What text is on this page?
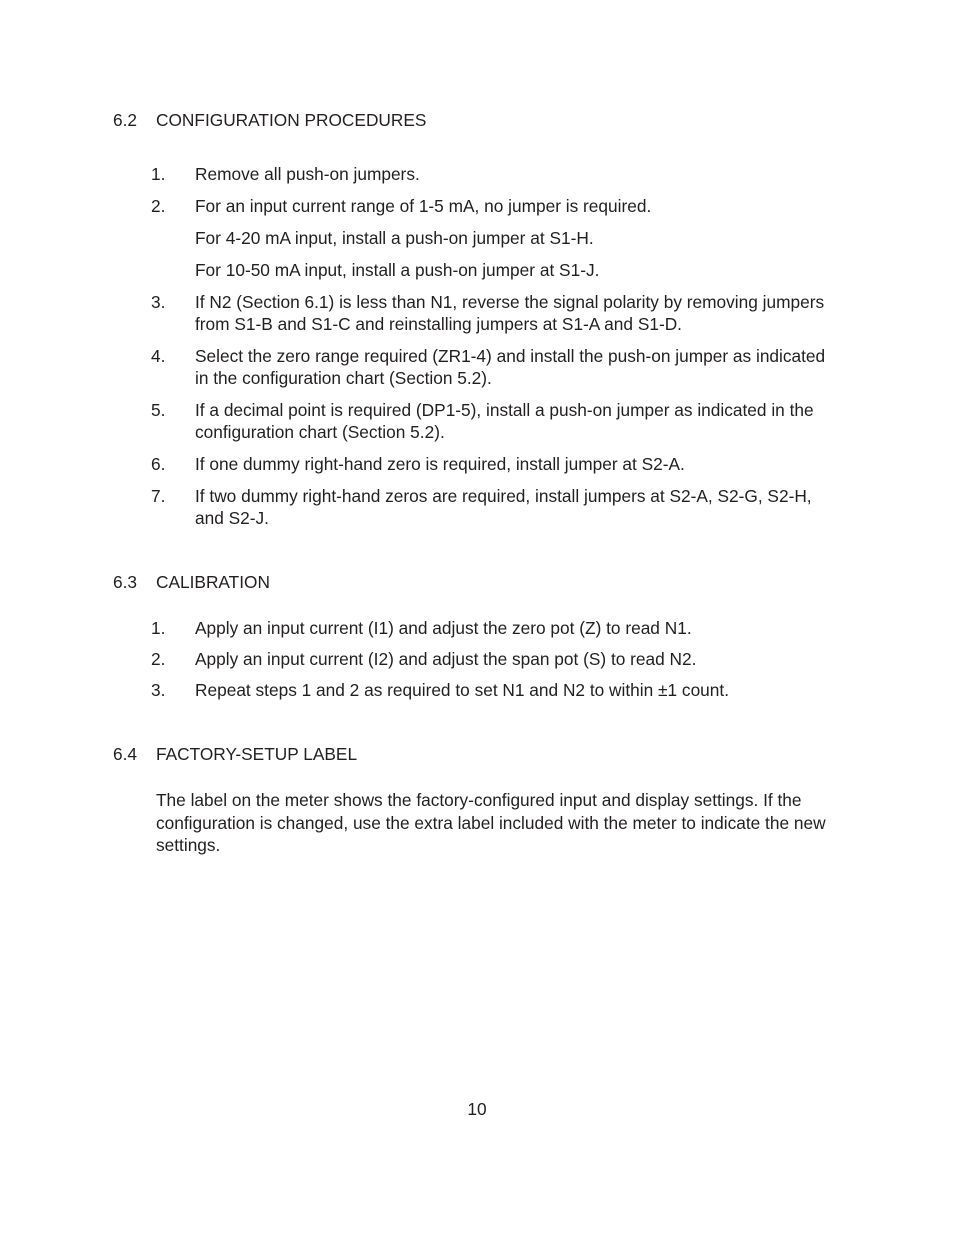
6.2 CONFIGURATION PROCEDURES
1.	Remove all push-on jumpers.
2.	For an input current range of 1-5 mA, no jumper is required.
For 4-20 mA input, install a push-on jumper at S1-H.
For 10-50 mA input, install a push-on jumper at S1-J.
3.	If N2 (Section 6.1) is less than N1, reverse the signal polarity by removing jumpers from S1-B and S1-C and reinstalling jumpers at S1-A and S1-D.
4.	Select the zero range required (ZR1-4) and install the push-on jumper as indicated in the configuration chart (Section 5.2).
5.	If a decimal point is required (DP1-5), install a push-on jumper as indicated in the configuration chart (Section 5.2).
6.	If one dummy right-hand zero is required, install jumper at S2-A.
7.	If two dummy right-hand zeros are required, install jumpers at S2-A, S2-G, S2-H, and S2-J.
6.3 CALIBRATION
1.	Apply an input current (I1) and adjust the zero pot (Z) to read N1.
2.	Apply an input current (I2) and adjust the span pot (S) to read N2.
3.	Repeat steps 1 and 2 as required to set N1 and N2 to within ±1 count.
6.4 FACTORY-SETUP LABEL
The label on the meter shows the factory-configured input and display settings. If the configuration is changed, use the extra label included with the meter to indicate the new settings.
10
